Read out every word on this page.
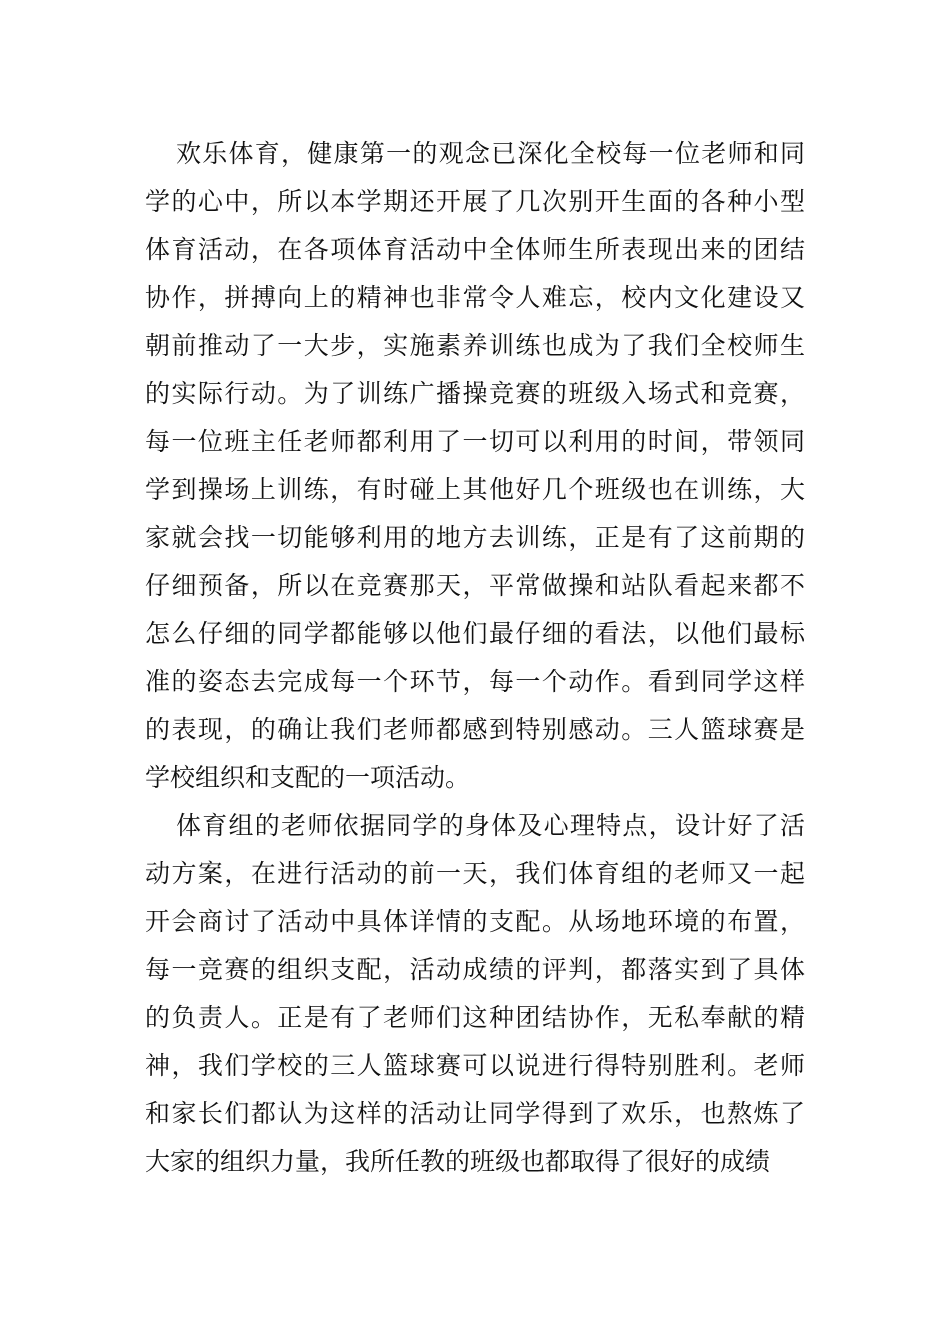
欢乐体育，健康第一的观念已深化全校每一位老师和同
学的心中，所以本学期还开展了几次别开生面的各种小型
体育活动，在各项体育活动中全体师生所表现出来的团结
协作，拼搏向上的精神也非常令人难忘，校内文化建设又
朝前推动了一大步，实施素养训练也成为了我们全校师生
的实际行动。为了训练广播操竞赛的班级入场式和竞赛，
每一位班主任老师都利用了一切可以利用的时间，带领同
学到操场上训练，有时碰上其他好几个班级也在训练，大
家就会找一切能够利用的地方去训练，正是有了这前期的
仔细预备，所以在竞赛那天，平常做操和站队看起来都不
怎么仔细的同学都能够以他们最仔细的看法，以他们最标
准的姿态去完成每一个环节，每一个动作。看到同学这样
的表现，的确让我们老师都感到特别感动。三人篮球赛是
学校组织和支配的一项活动。
体育组的老师依据同学的身体及心理特点，设计好了活
动方案，在进行活动的前一天，我们体育组的老师又一起
开会商讨了活动中具体详情的支配。从场地环境的布置，
每一竞赛的组织支配，活动成绩的评判，都落实到了具体
的负责人。正是有了老师们这种团结协作，无私奉献的精
神，我们学校的三人篮球赛可以说进行得特别胜利。老师
和家长们都认为这样的活动让同学得到了欢乐，也熬炼了
大家的组织力量，我所任教的班级也都取得了很好的成绩
